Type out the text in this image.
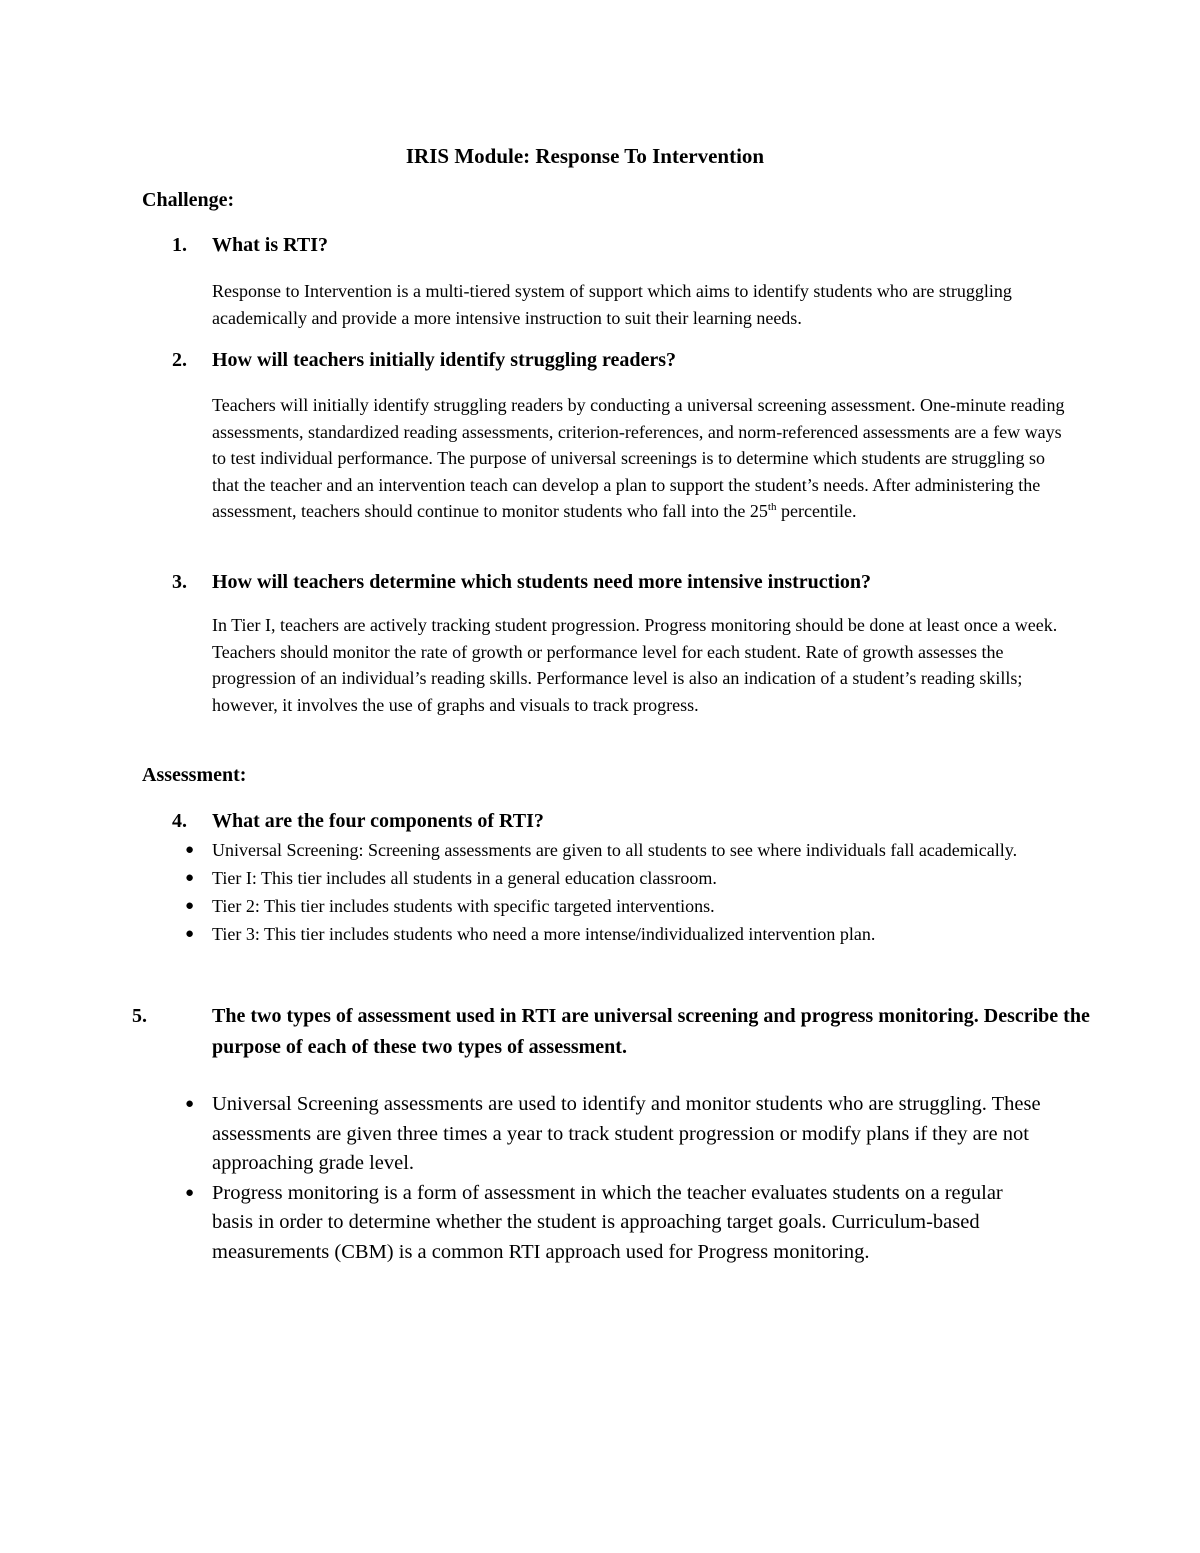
IRIS Module: Response To Intervention
Challenge:
1. What is RTI?
Response to Intervention is a multi-tiered system of support which aims to identify students who are struggling academically and provide a more intensive instruction to suit their learning needs.
2. How will teachers initially identify struggling readers?
Teachers will initially identify struggling readers by conducting a universal screening assessment. One-minute reading assessments, standardized reading assessments, criterion-references, and norm-referenced assessments are a few ways to test individual performance. The purpose of universal screenings is to determine which students are struggling so that the teacher and an intervention teach can develop a plan to support the student’s needs. After administering the assessment, teachers should continue to monitor students who fall into the 25th percentile.
3. How will teachers determine which students need more intensive instruction?
In Tier I, teachers are actively tracking student progression. Progress monitoring should be done at least once a week. Teachers should monitor the rate of growth or performance level for each student. Rate of growth assesses the progression of an individual’s reading skills. Performance level is also an indication of a student’s reading skills; however, it involves the use of graphs and visuals to track progress.
Assessment:
4. What are the four components of RTI?
● Universal Screening: Screening assessments are given to all students to see where individuals fall academically.
● Tier I: This tier includes all students in a general education classroom.
● Tier 2: This tier includes students with specific targeted interventions.
● Tier 3: This tier includes students who need a more intense/individualized intervention plan.
5.	The two types of assessment used in RTI are universal screening and progress monitoring. Describe the purpose of each of these two types of assessment.
● Universal Screening assessments are used to identify and monitor students who are struggling. These assessments are given three times a year to track student progression or modify plans if they are not approaching grade level.
● Progress monitoring is a form of assessment in which the teacher evaluates students on a regular basis in order to determine whether the student is approaching target goals. Curriculum-based measurements (CBM) is a common RTI approach used for Progress monitoring.
